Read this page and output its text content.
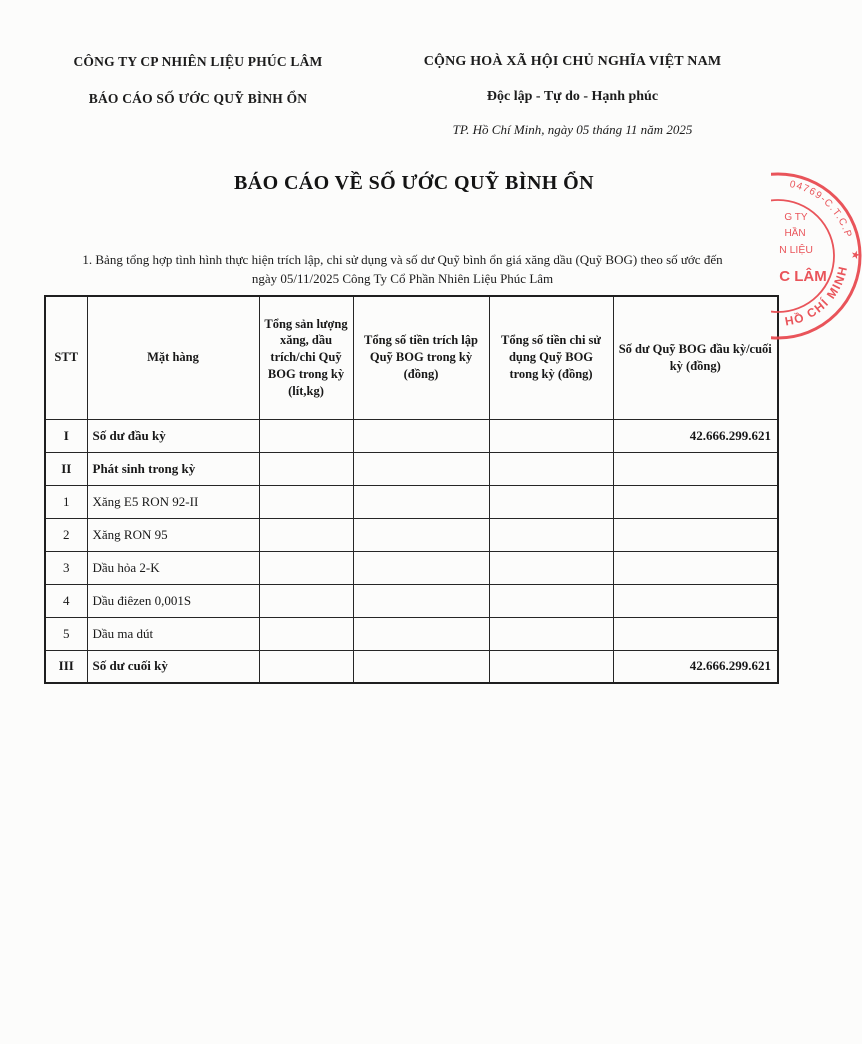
CÔNG TY CP NHIÊN LIỆU PHÚC LÂM
BÁO CÁO SỐ ƯỚC QUỸ BÌNH ỔN
CỘNG HOÀ XÃ HỘI CHỦ NGHĨA VIỆT NAM
Độc lập - Tự do - Hạnh phúc
TP. Hồ Chí Minh, ngày 05 tháng 11 năm 2025
BÁO CÁO VỀ SỐ ƯỚC QUỸ BÌNH ỔN
1. Bảng tổng hợp tình hình thực hiện trích lập, chi sử dụng và số dư Quỹ bình ổn giá xăng dầu (Quỹ BOG) theo số ước đến
ngày 05/11/2025 Công Ty Cổ Phần Nhiên Liệu Phúc Lâm
STT	Mặt hàng	Tổng sản lượng xăng, dầu trích/chi Quỹ BOG trong kỳ (lít,kg)	Tổng số tiền trích lập Quỹ BOG trong kỳ (đồng)	Tổng số tiền chi sử dụng Quỹ BOG trong kỳ (đồng)	Số dư Quỹ BOG đầu kỳ/cuối kỳ (đồng)
I	Số dư đầu kỳ				42.666.299.621
II	Phát sinh trong kỳ				
1	Xăng E5 RON 92-II				
2	Xăng RON 95				
3	Dầu hỏa 2-K				
4	Dầu điêzen 0,001S				
5	Dầu ma dút				
III	Số dư cuối kỳ				42.666.299.621
04769-C.T.C.P
★
G TY
HẦN
N LIỆU
C LÂM
HỒ CHÍ MINH
